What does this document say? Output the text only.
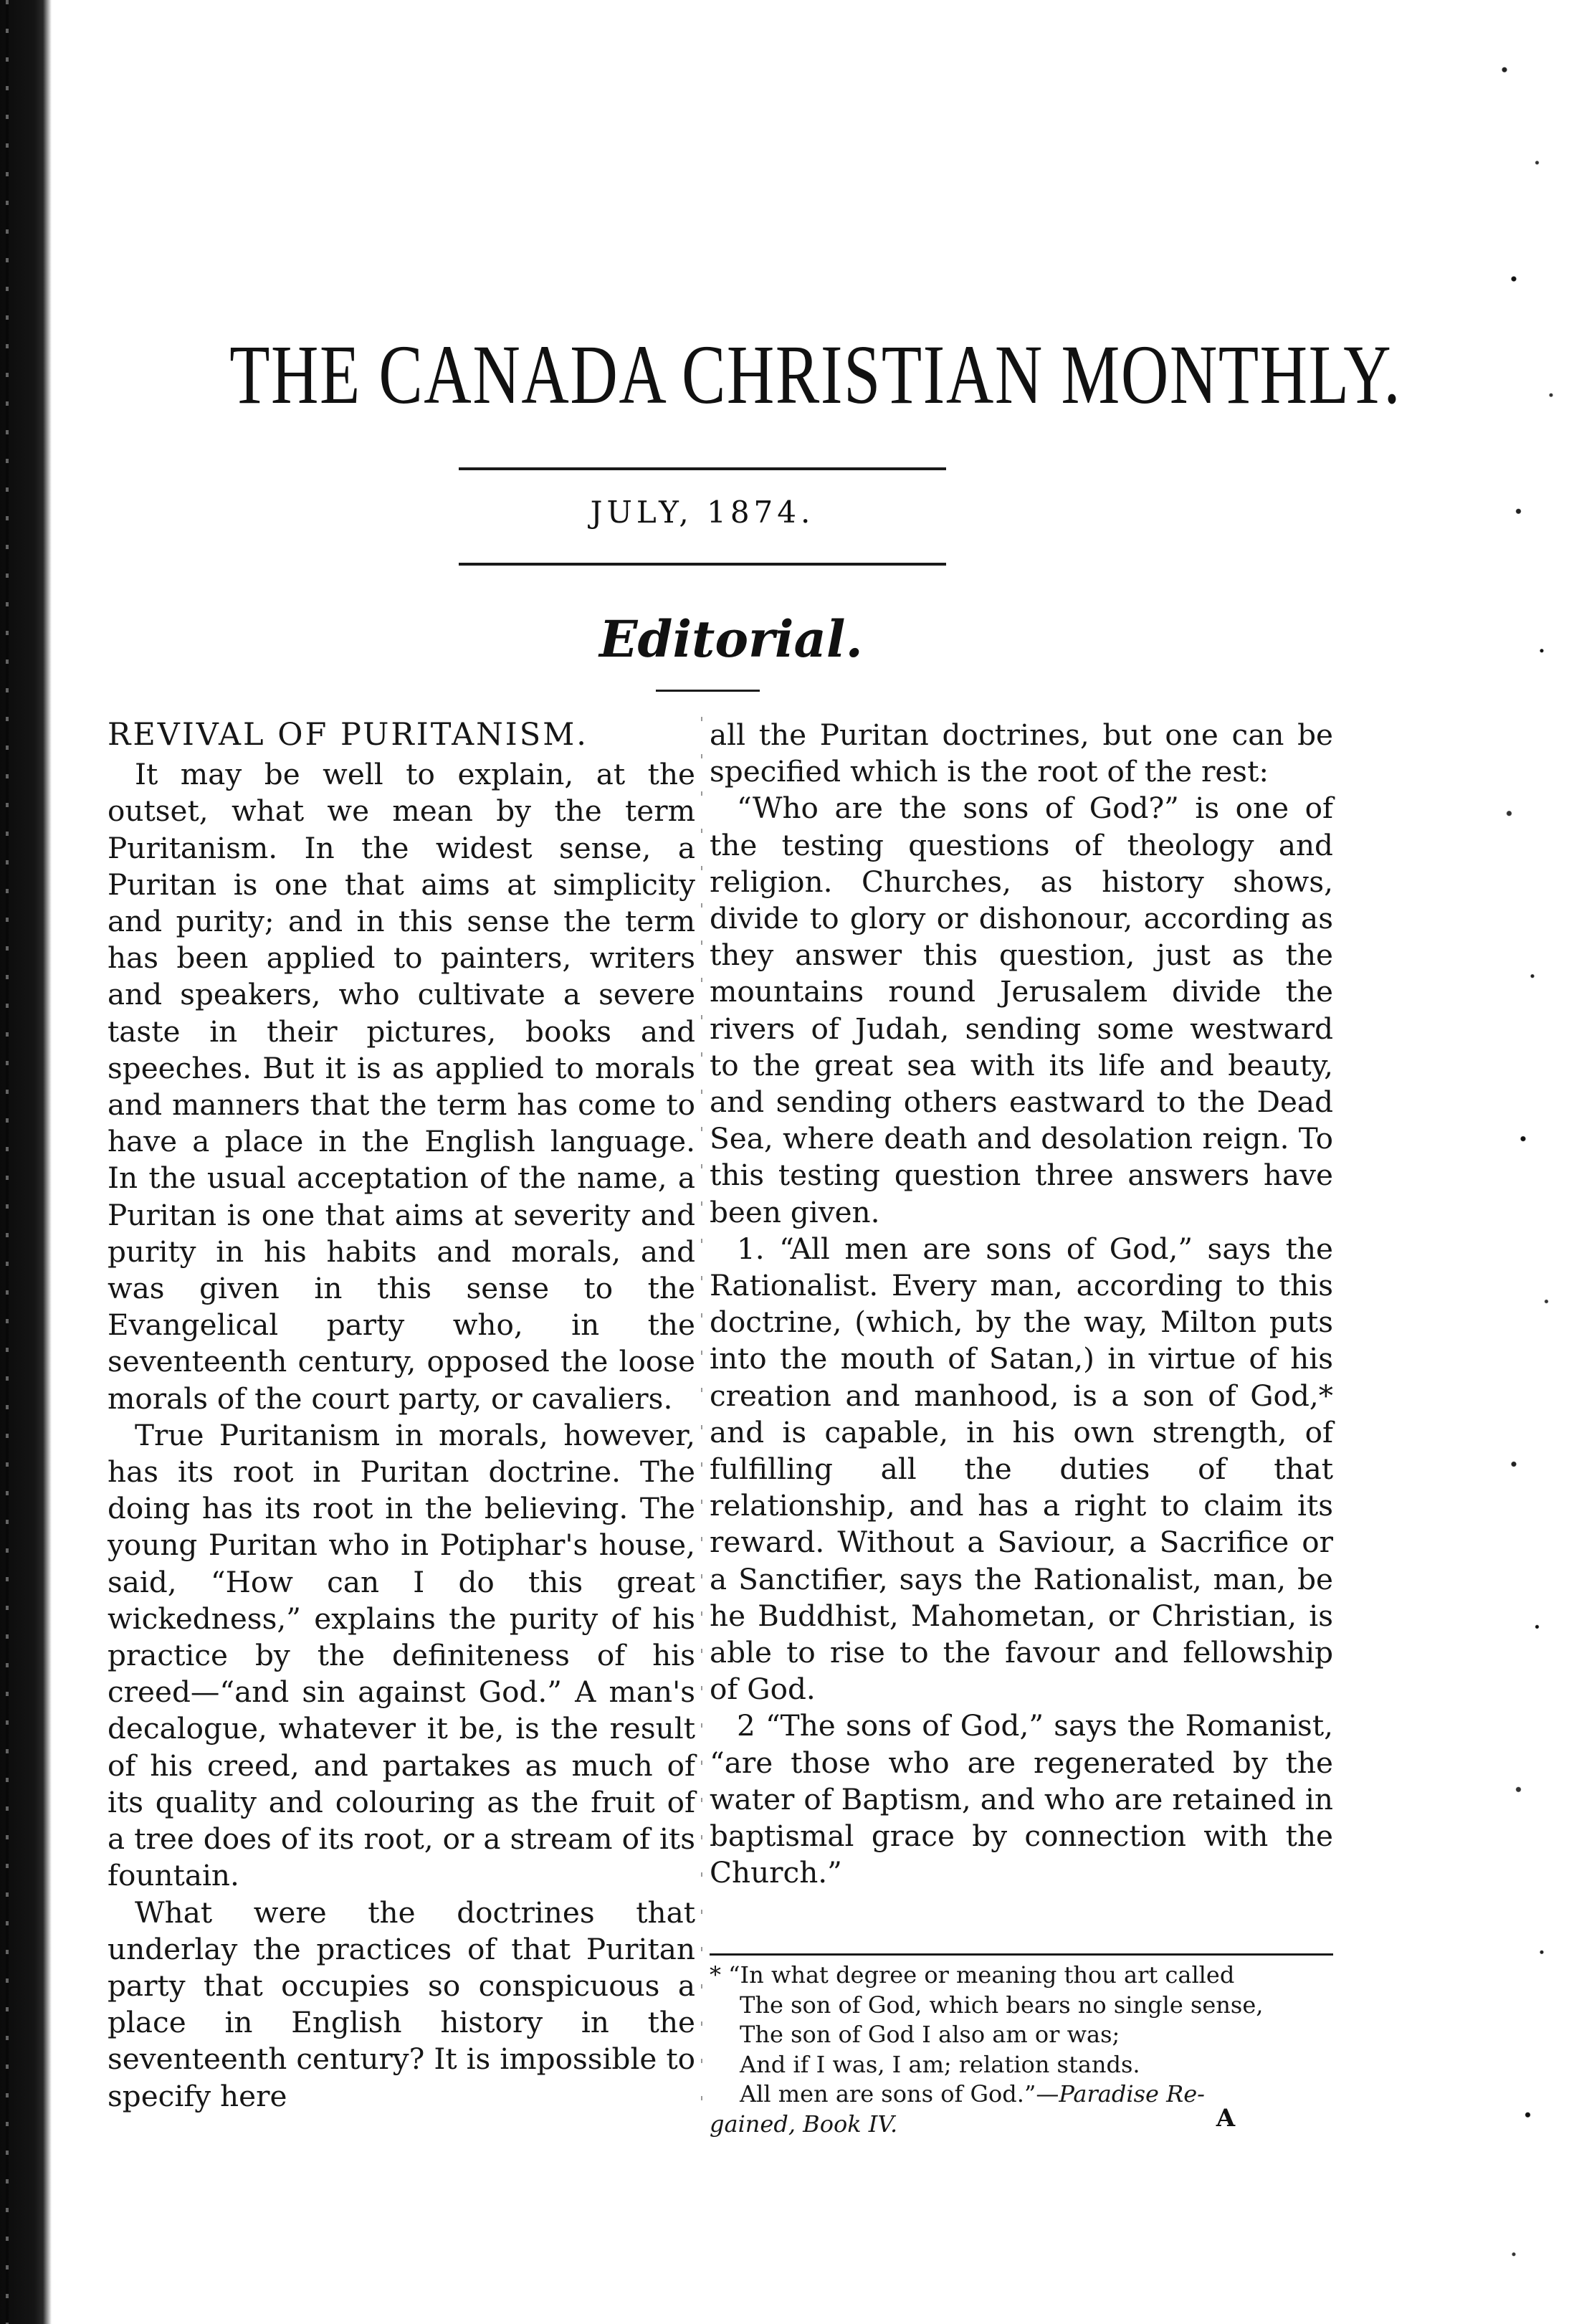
THE CANADA CHRISTIAN MONTHLY.
JULY, 1874.
Editorial.
REVIVAL OF PURITANISM.

It may be well to explain, at the outset, what we mean by the term Puritanism. In the widest sense, a Puritan is one that aims at simplicity and purity; and in this sense the term has been applied to painters, writers and speakers, who cultivate a severe taste in their pictures, books and speeches. But it is as applied to morals and manners that the term has come to have a place in the English language. In the usual acceptation of the name, a Puritan is one that aims at severity and purity in his habits and morals, and was given in this sense to the Evangelical party who, in the seventeenth century, opposed the loose morals of the court party, or cavaliers.

True Puritanism in morals, however, has its root in Puritan doctrine. The doing has its root in the believing. The young Puritan who in Potiphar's house, said, “How can I do this great wickedness,” explains the purity of his practice by the definiteness of his creed—“and sin against God.” A man's decalogue, whatever it be, is the result of his creed, and partakes as much of its quality and colouring as the fruit of a tree does of its root, or a stream of its fountain.

What were the doctrines that underlay the practices of that Puritan party that occupies so conspicuous a place in English history in the seventeenth century? It is impossible to specify here

all the Puritan doctrines, but one can be specified which is the root of the rest:

“Who are the sons of God?” is one of the testing questions of theology and religion. Churches, as history shows, divide to glory or dishonour, according as they answer this question, just as the mountains round Jerusalem divide the rivers of Judah, sending some westward to the great sea with its life and beauty, and sending others eastward to the Dead Sea, where death and desolation reign. To this testing question three answers have been given.

1. “All men are sons of God,” says the Rationalist. Every man, according to this doctrine, (which, by the way, Milton puts into the mouth of Satan,) in virtue of his creation and manhood, is a son of God,* and is capable, in his own strength, of fulfilling all the duties of that relationship, and has a right to claim its reward. Without a Saviour, a Sacrifice or a Sanctifier, says the Rationalist, man, be he Buddhist, Mahometan, or Christian, is able to rise to the favour and fellowship of God.

2 “The sons of God,” says the Romanist, “are those who are regenerated by the water of Baptism, and who are retained in baptismal grace by connection with the Church.”

* “In what degree or meaning thou art called
The son of God, which bears no single sense,
The son of God I also am or was;
And if I was, I am; relation stands.
All men are sons of God.”—Paradise Re-
gained, Book IV.	A
